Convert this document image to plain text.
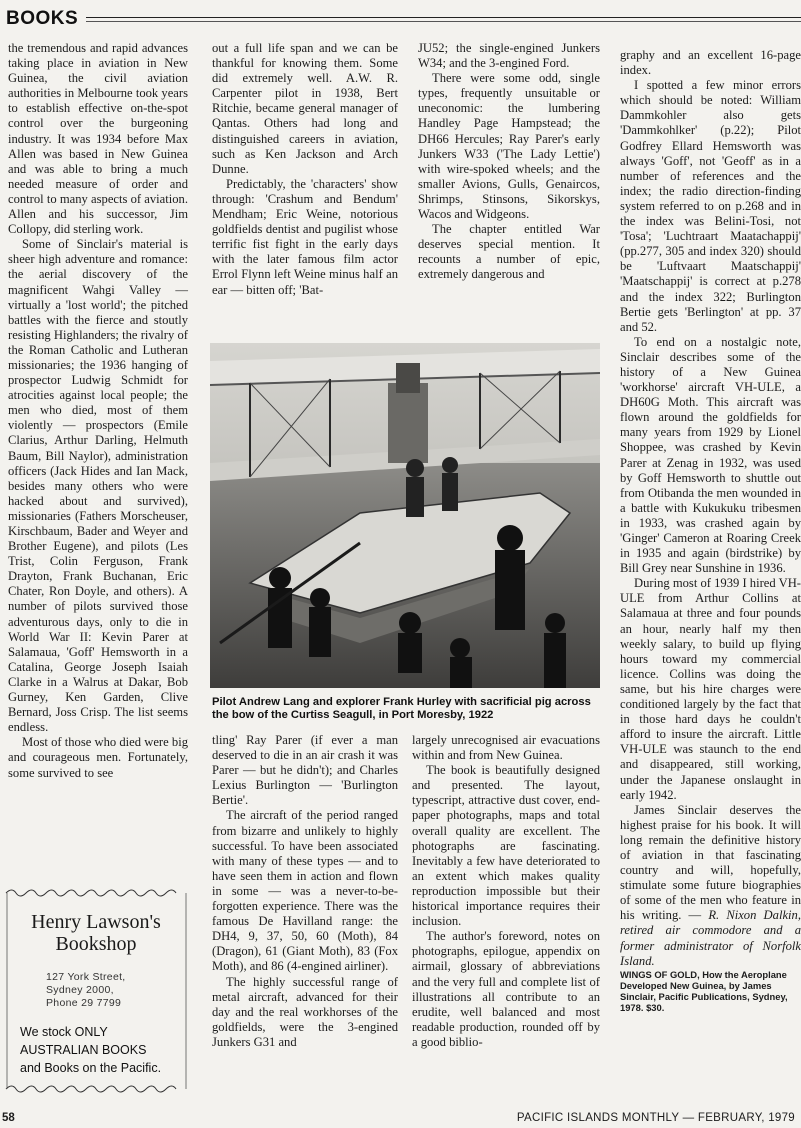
BOOKS

the tremendous and rapid advances taking place in aviation in New Guinea, the civil aviation authorities in Melbourne took years to establish effective on-the-spot control over the burgeoning industry. It was 1934 before Max Allen was based in New Guinea and was able to bring a much needed measure of order and control to many aspects of aviation. Allen and his successor, Jim Collopy, did sterling work.

Some of Sinclair's material is sheer high adventure and romance: the aerial discovery of the magnificent Wahgi Valley — virtually a 'lost world'; the pitched battles with the fierce and stoutly resisting Highlanders; the rivalry of the Roman Catholic and Lutheran missionaries; the 1936 hanging of prospector Ludwig Schmidt for atrocities against local people; the men who died, most of them violently — prospectors (Emile Clarius, Arthur Darling, Helmuth Baum, Bill Naylor), administration officers (Jack Hides and Ian Mack, besides many others who were hacked about and survived), missionaries (Fathers Morscheuser, Kirschbaum, Bader and Weyer and Brother Eugene), and pilots (Les Trist, Colin Ferguson, Frank Drayton, Frank Buchanan, Eric Chater, Ron Doyle, and others). A number of pilots survived those adventurous days, only to die in World War II: Kevin Parer at Salamaua, 'Goff' Hemsworth in a Catalina, George Joseph Isaiah Clarke in a Walrus at Dakar, Bob Gurney, Ken Garden, Clive Bernard, Joss Crisp. The list seems endless.

Most of those who died were big and courageous men. Fortunately, some survived to see

out a full life span and we can be thankful for knowing them. Some did extremely well. A.W. R. Carpenter pilot in 1938, Bert Ritchie, became general manager of Qantas. Others had long and distinguished careers in aviation, such as Ken Jackson and Arch Dunne.

Predictably, the 'characters' show through: 'Crashum and Bendum' Mendham; Eric Weine, notorious goldfields dentist and pugilist whose terrific fist fight in the early days with the later famous film actor Errol Flynn left Weine minus half an ear — bitten off; 'Bat-

JU52; the single-engined Junkers W34; and the 3-engined Ford.

There were some odd, single types, frequently unsuitable or uneconomic: the lumbering Handley Page Hampstead; the DH66 Hercules; Ray Parer's early Junkers W33 ('The Lady Lettie') with wire-spoked wheels; and the smaller Avions, Gulls, Genaircos, Shrimps, Stinsons, Sikorskys, Wacos and Widgeons.

The chapter entitled War deserves special mention. It recounts a number of epic, extremely dangerous and

Pilot Andrew Lang and explorer Frank Hurley with sacrificial pig across the bow of the Curtiss Seagull, in Port Moresby, 1922

tling' Ray Parer (if ever a man deserved to die in an air crash it was Parer — but he didn't); and Charles Lexius Burlington — 'Burlington Bertie'.

The aircraft of the period ranged from bizarre and unlikely to highly successful. To have been associated with many of these types — and to have seen them in action and flown in some — was a never-to-be-forgotten experience. There was the famous De Havilland range: the DH4, 9, 37, 50, 60 (Moth), 84 (Dragon), 61 (Giant Moth), 83 (Fox Moth), and 86 (4-engined airliner).

The highly successful range of metal aircraft, advanced for their day and the real workhorses of the goldfields, were the 3-engined Junkers G31 and

largely unrecognised air evacuations within and from New Guinea.

The book is beautifully designed and presented. The layout, typescript, attractive dust cover, end-paper photographs, maps and total overall quality are excellent. The photographs are fascinating. Inevitably a few have deteriorated to an extent which makes quality reproduction impossible but their historical importance requires their inclusion.

The author's foreword, notes on photographs, epilogue, appendix on airmail, glossary of abbreviations and the very full and complete list of illustrations all contribute to an erudite, well balanced and most readable production, rounded off by a good biblio-

graphy and an excellent 16-page index.

I spotted a few minor errors which should be noted: William Dammkohler also gets 'Dammkohlker' (p.22); Pilot Godfrey Ellard Hemsworth was always 'Goff', not 'Geoff' as in a number of references and the index; the radio direction-finding system referred to on p.268 and in the index was Belini-Tosi, not 'Tosa'; 'Luchtraart Maatachappij' (pp.277, 305 and index 320) should be 'Luftvaart Maatschappij' 'Maatschappij' is correct at p.278 and the index 322; Burlington Bertie gets 'Berlington' at pp. 37 and 52.

To end on a nostalgic note, Sinclair describes some of the history of a New Guinea 'workhorse' aircraft VH-ULE, a DH60G Moth. This aircraft was flown around the goldfields for many years from 1929 by Lionel Shoppee, was crashed by Kevin Parer at Zenag in 1932, was used by Goff Hemsworth to shuttle out from Otibanda the men wounded in a battle with Kukukuku tribesmen in 1933, was crashed again by 'Ginger' Cameron at Roaring Creek in 1935 and again (birdstrike) by Bill Grey near Sunshine in 1936.

During most of 1939 I hired VH-ULE from Arthur Collins at Salamaua at three and four pounds an hour, nearly half my then weekly salary, to build up flying hours toward my commercial licence. Collins was doing the same, but his hire charges were conditioned largely by the fact that in those hard days he couldn't afford to insure the aircraft. Little VH-ULE was staunch to the end and disappeared, still working, under the Japanese onslaught in early 1942.

James Sinclair deserves the highest praise for his book. It will long remain the definitive history of aviation in that fascinating country and will, hopefully, stimulate some future biographies of some of the men who feature in his writing. — R. Nixon Dalkin, retired air commodore and a former administrator of Norfolk Island.

WINGS OF GOLD, How the Aeroplane Developed New Guinea, by James Sinclair, Pacific Publications, Sydney, 1978. $30.

Henry Lawson's
Bookshop
127 York Street,
Sydney 2000,
Phone 29 7799
We stock ONLY
AUSTRALIAN BOOKS
and Books on the Pacific.
58	PACIFIC ISLANDS MONTHLY — FEBRUARY, 1979
